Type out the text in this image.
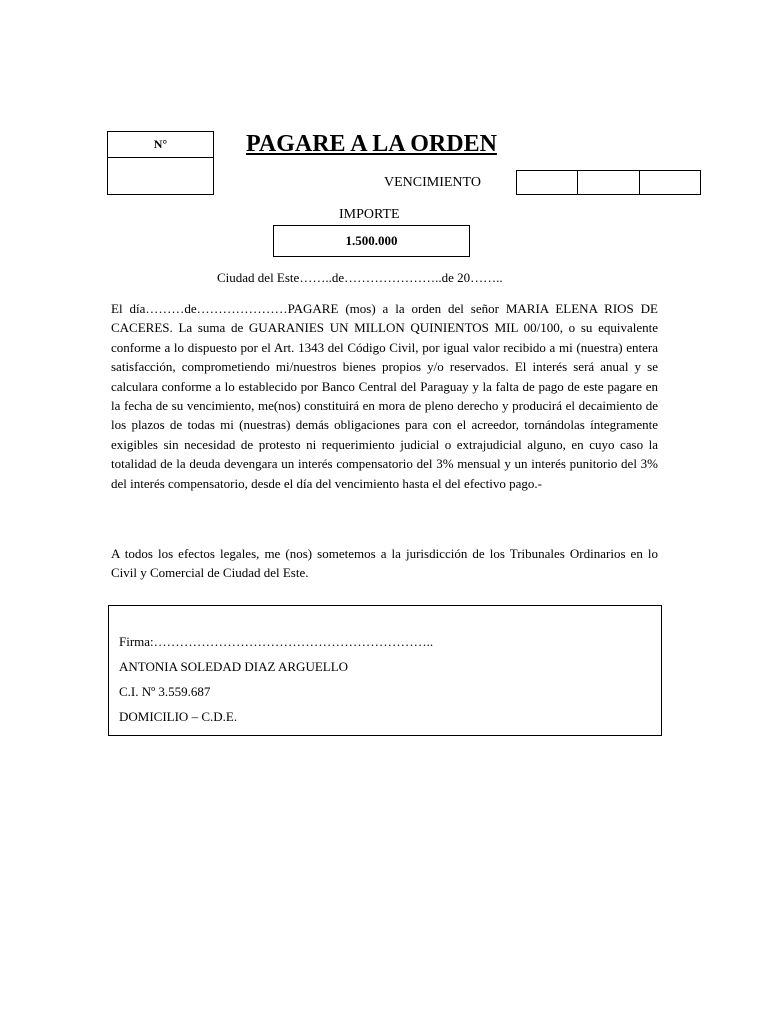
N°	PAGARE A LA ORDEN
VENCIMIENTO
IMPORTE
1.500.000
Ciudad del Este……..de…………………..de 20……..
El día………de…………………PAGARE (mos) a la orden del señor MARIA ELENA RIOS DE CACERES. La suma de GUARANIES UN MILLON QUINIENTOS MIL 00/100, o su equivalente conforme a lo dispuesto por el Art. 1343 del Código Civil, por igual valor recibido a mi (nuestra) entera satisfacción, comprometiendo mi/nuestros bienes propios y/o reservados. El interés será anual y se calculara conforme a lo establecido por Banco Central del Paraguay y la falta de pago de este pagare en la fecha de su vencimiento, me(nos) constituirá en mora de pleno derecho y producirá el decaimiento de los plazos de todas mi (nuestras) demás obligaciones para con el acreedor, tornándolas íntegramente exigibles sin necesidad de protesto ni requerimiento judicial o extrajudicial alguno, en cuyo caso la totalidad de la deuda devengara un interés compensatorio del 3% mensual y un interés punitorio del 3% del interés compensatorio, desde el día del vencimiento hasta el del efectivo pago.-
A todos los efectos legales, me (nos) sometemos a la jurisdicción de los Tribunales Ordinarios en lo Civil y Comercial de Ciudad del Este.
Firma:………………………………………………………..
ANTONIA SOLEDAD DIAZ ARGUELLO
C.I. Nº 3.559.687
DOMICILIO – C.D.E.
